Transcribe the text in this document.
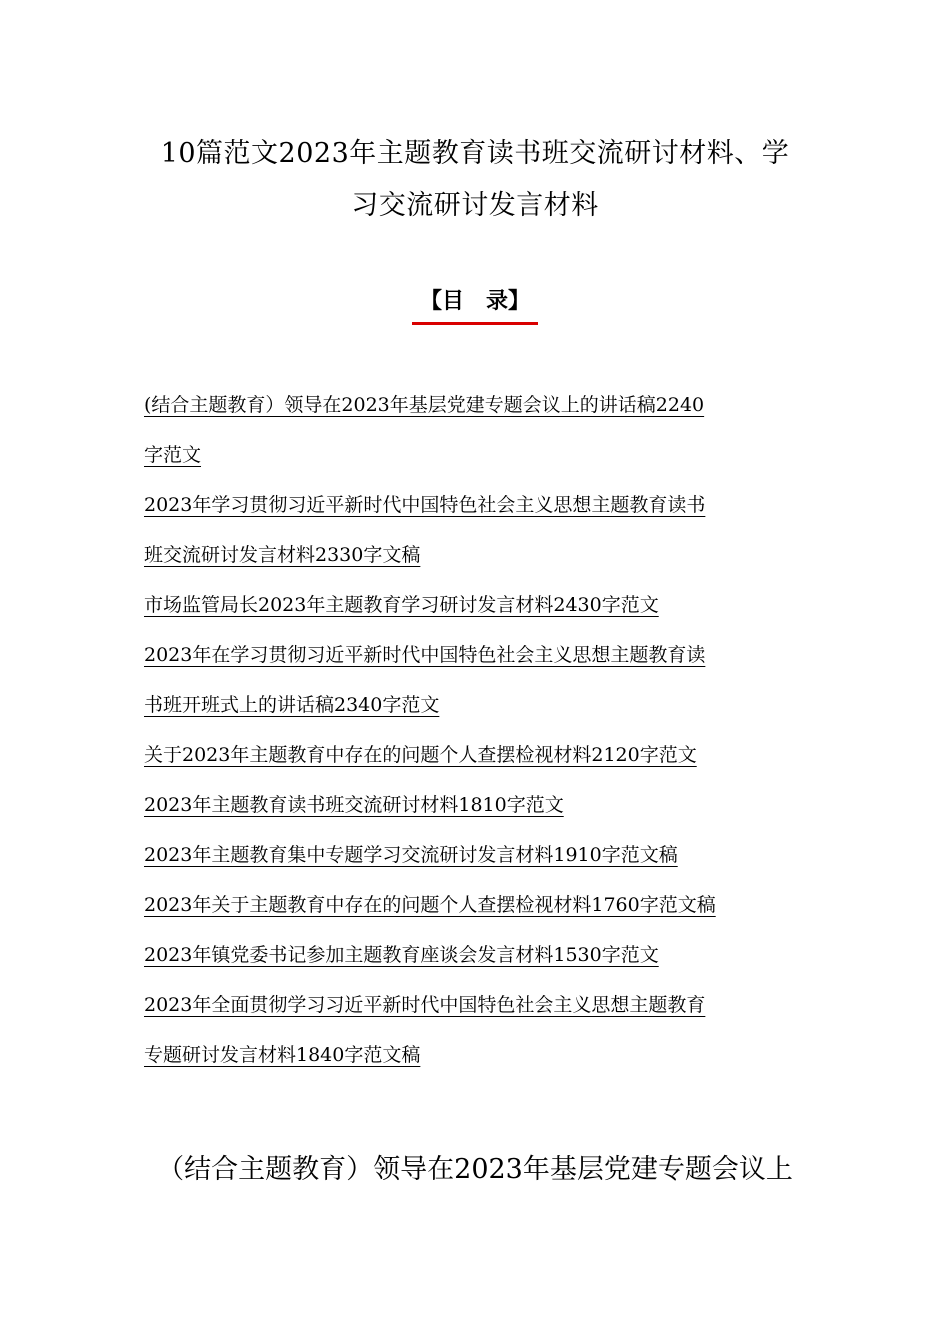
10篇范文2023年主题教育读书班交流研讨材料、学
习交流研讨发言材料
【目　录】
(结合主题教育）领导在2023年基层党建专题会议上的讲话稿2240
字范文
2023年学习贯彻习近平新时代中国特色社会主义思想主题教育读书
班交流研讨发言材料2330字文稿
市场监管局长2023年主题教育学习研讨发言材料2430字范文
2023年在学习贯彻习近平新时代中国特色社会主义思想主题教育读
书班开班式上的讲话稿2340字范文
关于2023年主题教育中存在的问题个人查摆检视材料2120字范文
2023年主题教育读书班交流研讨材料1810字范文
2023年主题教育集中专题学习交流研讨发言材料1910字范文稿
2023年关于主题教育中存在的问题个人查摆检视材料1760字范文稿
2023年镇党委书记参加主题教育座谈会发言材料1530字范文
2023年全面贯彻学习习近平新时代中国特色社会主义思想主题教育
专题研讨发言材料1840字范文稿
（结合主题教育）领导在2023年基层党建专题会议上
